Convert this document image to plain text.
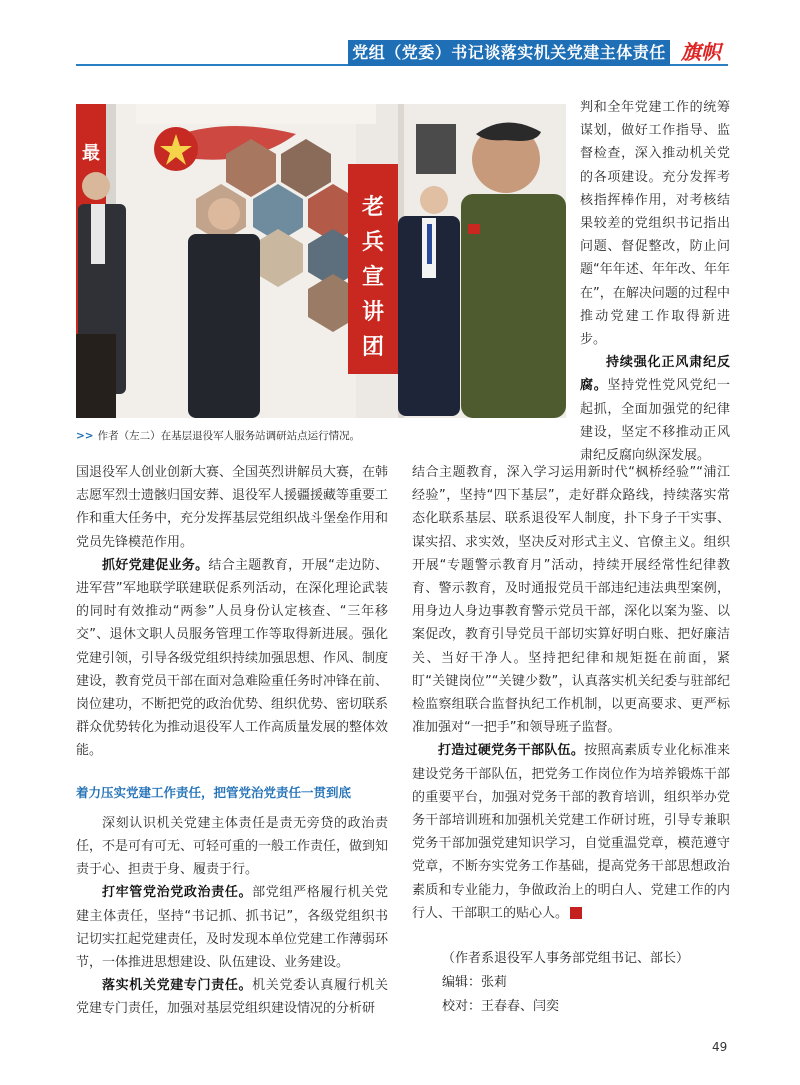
党组（党委）书记谈落实机关党建主体责任 旗帜
老
兵
宣
讲
团
最
>> 作者（左二）在基层退役军人服务站调研站点运行情况。

判和全年党建工作的统筹谋划，做好工作指导、监督检查，深入推动机关党的各项建设。充分发挥考核指挥棒作用，对考核结果较差的党组织书记指出问题、督促整改，防止问题“年年述、年年改、年年在”，在解决问题的过程中推动党建工作取得新进步。

持续强化正风肃纪反腐。坚持党性党风党纪一起抓，全面加强党的纪律建设，坚定不移推动正风肃纪反腐向纵深发展。

国退役军人创业创新大赛、全国英烈讲解员大赛，在韩志愿军烈士遗骸归国安葬、退役军人援疆援藏等重要工作和重大任务中，充分发挥基层党组织战斗堡垒作用和党员先锋模范作用。

抓好党建促业务。结合主题教育，开展“走边防、进军营”军地联学联建联促系列活动，在深化理论武装的同时有效推动“两参”人员身份认定核查、“三年移交”、退休文职人员服务管理工作等取得新进展。强化党建引领，引导各级党组织持续加强思想、作风、制度建设，教育党员干部在面对急难险重任务时冲锋在前、岗位建功，不断把党的政治优势、组织优势、密切联系群众优势转化为推动退役军人工作高质量发展的整体效能。

着力压实党建工作责任，把管党治党责任一贯到底

深刻认识机关党建主体责任是责无旁贷的政治责任，不是可有可无、可轻可重的一般工作责任，做到知责于心、担责于身、履责于行。

打牢管党治党政治责任。部党组严格履行机关党建主体责任，坚持“书记抓、抓书记”，各级党组织书记切实扛起党建责任，及时发现本单位党建工作薄弱环节，一体推进思想建设、队伍建设、业务建设。

落实机关党建专门责任。机关党委认真履行机关党建专门责任，加强对基层党组织建设情况的分析研

结合主题教育，深入学习运用新时代“枫桥经验”“浦江经验”，坚持“四下基层”，走好群众路线，持续落实常态化联系基层、联系退役军人制度，扑下身子干实事、谋实招、求实效，坚决反对形式主义、官僚主义。组织开展“专题警示教育月”活动，持续开展经常性纪律教育、警示教育，及时通报党员干部违纪违法典型案例，用身边人身边事教育警示党员干部，深化以案为鉴、以案促改，教育引导党员干部切实算好明白账、把好廉洁关、当好干净人。坚持把纪律和规矩挺在前面，紧盯“关键岗位”“关键少数”，认真落实机关纪委与驻部纪检监察组联合监督执纪工作机制，以更高要求、更严标准加强对“一把手”和领导班子监督。

打造过硬党务干部队伍。按照高素质专业化标准来建设党务干部队伍，把党务工作岗位作为培养锻炼干部的重要平台，加强对党务干部的教育培训，组织举办党务干部培训班和加强机关党建工作研讨班，引导专兼职党务干部加强党建知识学习，自觉重温党章，模范遵守党章，不断夯实党务工作基础，提高党务干部思想政治素质和专业能力，争做政治上的明白人、党建工作的内行人、干部职工的贴心人。	旗

（作者系退役军人事务部党组书记、部长）
编辑：张莉
校对：王春春、闫奕
49
